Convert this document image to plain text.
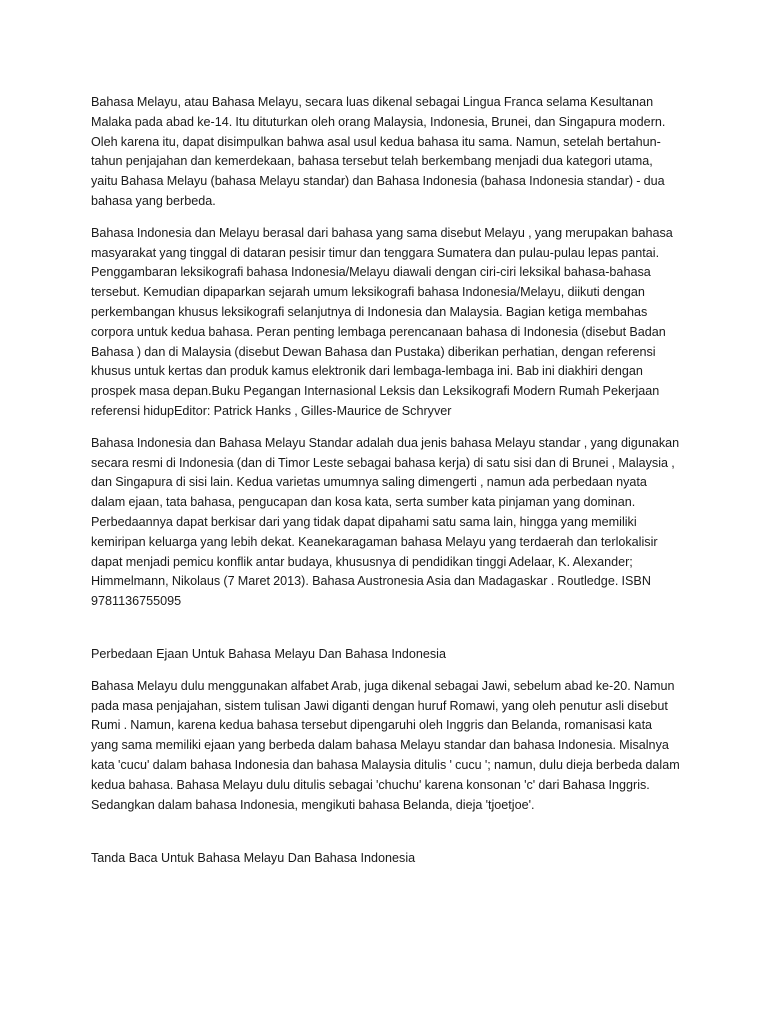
Bahasa Melayu, atau Bahasa Melayu, secara luas dikenal sebagai Lingua Franca selama Kesultanan Malaka pada abad ke-14. Itu dituturkan oleh orang Malaysia, Indonesia, Brunei, dan Singapura modern. Oleh karena itu, dapat disimpulkan bahwa asal usul kedua bahasa itu sama. Namun, setelah bertahun-tahun penjajahan dan kemerdekaan, bahasa tersebut telah berkembang menjadi dua kategori utama, yaitu Bahasa Melayu (bahasa Melayu standar) dan Bahasa Indonesia (bahasa Indonesia standar) - dua bahasa yang berbeda.

Bahasa Indonesia dan Melayu berasal dari bahasa yang sama disebut Melayu , yang merupakan bahasa masyarakat yang tinggal di dataran pesisir timur dan tenggara Sumatera dan pulau-pulau lepas pantai. Penggambaran leksikografi bahasa Indonesia/Melayu diawali dengan ciri-ciri leksikal bahasa-bahasa tersebut. Kemudian dipaparkan sejarah umum leksikografi bahasa Indonesia/Melayu, diikuti dengan perkembangan khusus leksikografi selanjutnya di Indonesia dan Malaysia. Bagian ketiga membahas corpora untuk kedua bahasa. Peran penting lembaga perencanaan bahasa di Indonesia (disebut Badan Bahasa ) dan di Malaysia (disebut Dewan Bahasa dan Pustaka) diberikan perhatian, dengan referensi khusus untuk kertas dan produk kamus elektronik dari lembaga-lembaga ini. Bab ini diakhiri dengan prospek masa depan.Buku Pegangan Internasional Leksis dan Leksikografi Modern Rumah Pekerjaan referensi hidupEditor: Patrick Hanks , Gilles-Maurice de Schryver

Bahasa Indonesia dan Bahasa Melayu Standar adalah dua jenis bahasa Melayu standar , yang digunakan secara resmi di Indonesia (dan di Timor Leste sebagai bahasa kerja) di satu sisi dan di Brunei , Malaysia , dan Singapura di sisi lain. Kedua varietas umumnya saling dimengerti , namun ada perbedaan nyata dalam ejaan, tata bahasa, pengucapan dan kosa kata, serta sumber kata pinjaman yang dominan. Perbedaannya dapat berkisar dari yang tidak dapat dipahami satu sama lain, hingga yang memiliki kemiripan keluarga yang lebih dekat. Keanekaragaman bahasa Melayu yang terdaerah dan terlokalisir dapat menjadi pemicu konflik antar budaya, khususnya di pendidikan tinggi Adelaar, K. Alexander; Himmelmann, Nikolaus (7 Maret 2013). Bahasa Austronesia Asia dan Madagaskar . Routledge. ISBN 9781136755095

Perbedaan Ejaan Untuk Bahasa Melayu Dan Bahasa Indonesia

Bahasa Melayu dulu menggunakan alfabet Arab, juga dikenal sebagai Jawi, sebelum abad ke-20. Namun pada masa penjajahan, sistem tulisan Jawi diganti dengan huruf Romawi, yang oleh penutur asli disebut Rumi . Namun, karena kedua bahasa tersebut dipengaruhi oleh Inggris dan Belanda, romanisasi kata yang sama memiliki ejaan yang berbeda dalam bahasa Melayu standar dan bahasa Indonesia. Misalnya kata 'cucu' dalam bahasa Indonesia dan bahasa Malaysia ditulis ' cucu '; namun, dulu dieja berbeda dalam kedua bahasa. Bahasa Melayu dulu ditulis sebagai 'chuchu' karena konsonan 'c' dari Bahasa Inggris. Sedangkan dalam bahasa Indonesia, mengikuti bahasa Belanda, dieja 'tjoetjoe'.

Tanda Baca Untuk Bahasa Melayu Dan Bahasa Indonesia
